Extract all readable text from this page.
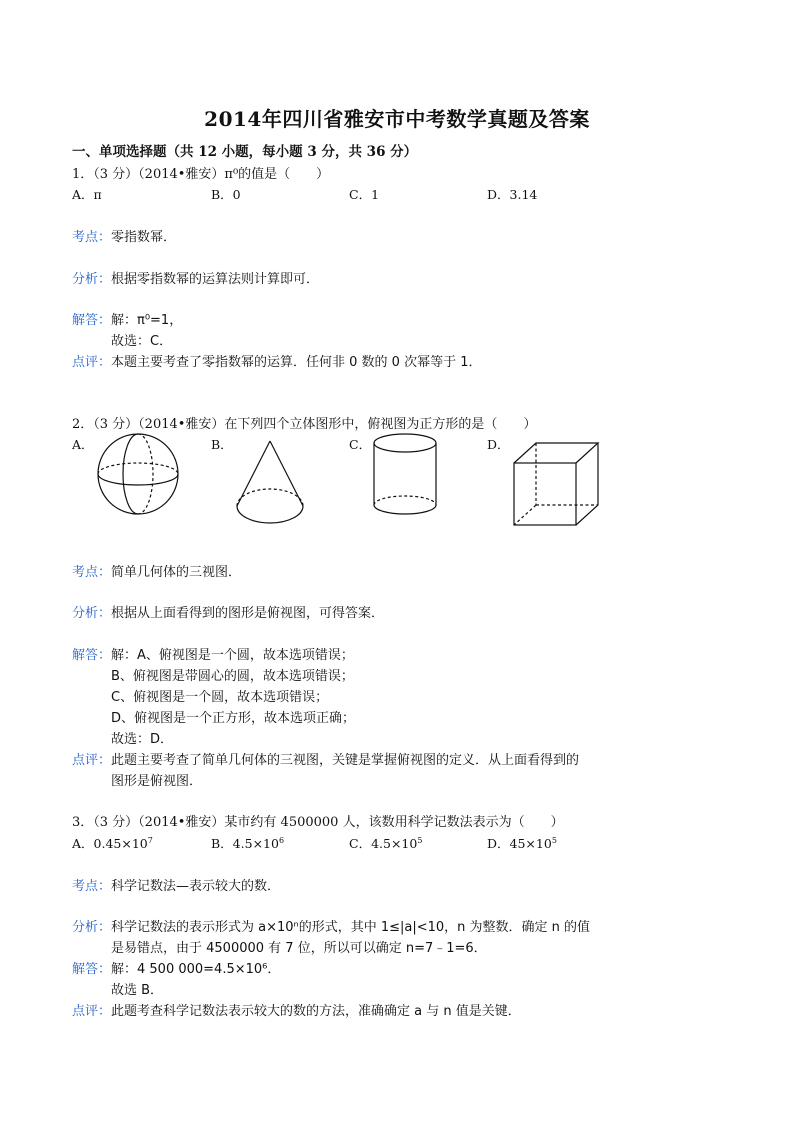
2014年四川省雅安市中考数学真题及答案
一、单项选择题（共 12 小题，每小题 3 分，共 36 分）
1．（3 分）（2014•雅安）π⁰的值是（　　）
A．π	B．0	C．1	D．3.14
考点： 零指数幂．
分析： 根据零指数幂的运算法则计算即可．
解答： 解：π⁰=1，
故选：C．
点评： 本题主要考查了零指数幂的运算．任何非 0 数的 0 次幂等于 1．
2．（3 分）（2014•雅安）在下列四个立体图形中，俯视图为正方形的是（　　）
A．	B．	C．	D．
考点： 简单几何体的三视图．
分析： 根据从上面看得到的图形是俯视图，可得答案．
解答： 解：A、俯视图是一个圆，故本选项错误；
B、俯视图是带圆心的圆，故本选项错误；
C、俯视图是一个圆，故本选项错误；
D、俯视图是一个正方形，故本选项正确；
故选：D．
点评： 此题主要考查了简单几何体的三视图，关键是掌握俯视图的定义．从上面看得到的
图形是俯视图．
3．（3 分）（2014•雅安）某市约有 4500000 人，该数用科学记数法表示为（　　）
A．$0.45\times 10^7$	B．$4.5\times 10^6$	C．$4.5\times 10^5$	D．$45\times 10^5$
考点： 科学记数法—表示较大的数．
分析： 科学记数法的表示形式为 a×10ⁿ的形式，其中 1≤|a|<10，n 为整数．确定 n 的值
是易错点，由于 4500000 有 7 位，所以可以确定 n=7﹣1=6．
解答： 解：4 500 000=4.5×10⁶．
故选 B．
点评： 此题考查科学记数法表示较大的数的方法，准确确定 a 与 n 值是关键．
